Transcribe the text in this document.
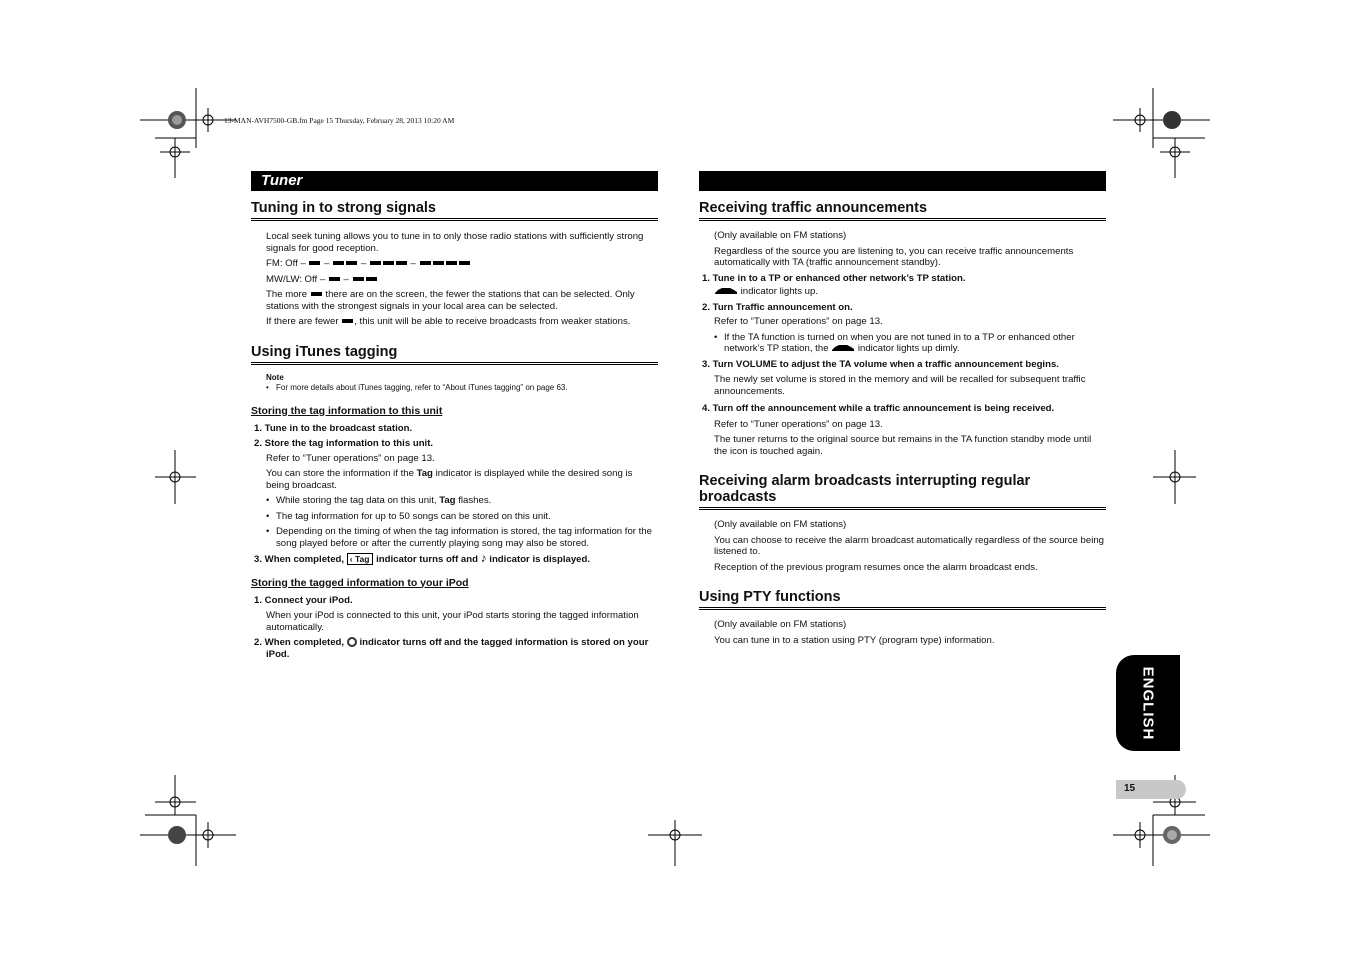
13-MAN-AVH7500-GB.fm Page 15 Thursday, February 28, 2013 10:20 AM
Tuner
Tuning in to strong signals

Local seek tuning allows you to tune in to only those radio stations with sufficiently strong signals for good reception.

FM: Off – –	–	–

MW/LW: Off – –

The more there are on the screen, the fewer the stations that can be selected. Only stations with the strongest signals in your local area can be selected.

If there are fewer , this unit will be able to receive broadcasts from weaker stations.

Using iTunes tagging

Note

• For more details about iTunes tagging, refer to “About iTunes tagging” on page 63.
Storing the tag information to this unit
1. Tune in to the broadcast station.
2. Store the tag information to this unit.

Refer to “Tuner operations” on page 13.

You can store the information if the Tag indicator is displayed while the desired song is being broadcast.

• While storing the tag data on this unit, Tag flashes.
• The tag information for up to 50 songs can be stored on this unit.
• Depending on the timing of when the tag information is stored, the tag information for the song played before or after the currently playing song may also be stored.
3. When completed, ‹ Tag indicator turns off and ♪ indicator is displayed.
Storing the tagged information to your iPod
1. Connect your iPod.

When your iPod is connected to this unit, your iPod starts storing the tagged information automatically.

2. When completed, indicator turns off and the tagged information is stored on your iPod.
Receiving traffic announcements

(Only available on FM stations)

Regardless of the source you are listening to, you can receive traffic announcements automatically with TA (traffic announcement standby).

1. Tune in to a TP or enhanced other network’s TP station.

indicator lights up.

2. Turn Traffic announcement on.

Refer to “Tuner operations” on page 13.

• If the TA function is turned on when you are not tuned in to a TP or enhanced other network’s TP station, the	indicator lights up dimly.
3. Turn VOLUME to adjust the TA volume when a traffic announcement begins.

The newly set volume is stored in the memory and will be recalled for subsequent traffic announcements.

4. Turn off the announcement while a traffic announcement is being received.

Refer to “Tuner operations” on page 13.

The tuner returns to the original source but remains in the TA function standby mode until the icon is touched again.

Receiving alarm broadcasts interrupting regular broadcasts

(Only available on FM stations)

You can choose to receive the alarm broadcast automatically regardless of the source being listened to.

Reception of the previous program resumes once the alarm broadcast ends.

Using PTY functions

(Only available on FM stations)

You can tune in to a station using PTY (program type) information.

ENGLISH
15
